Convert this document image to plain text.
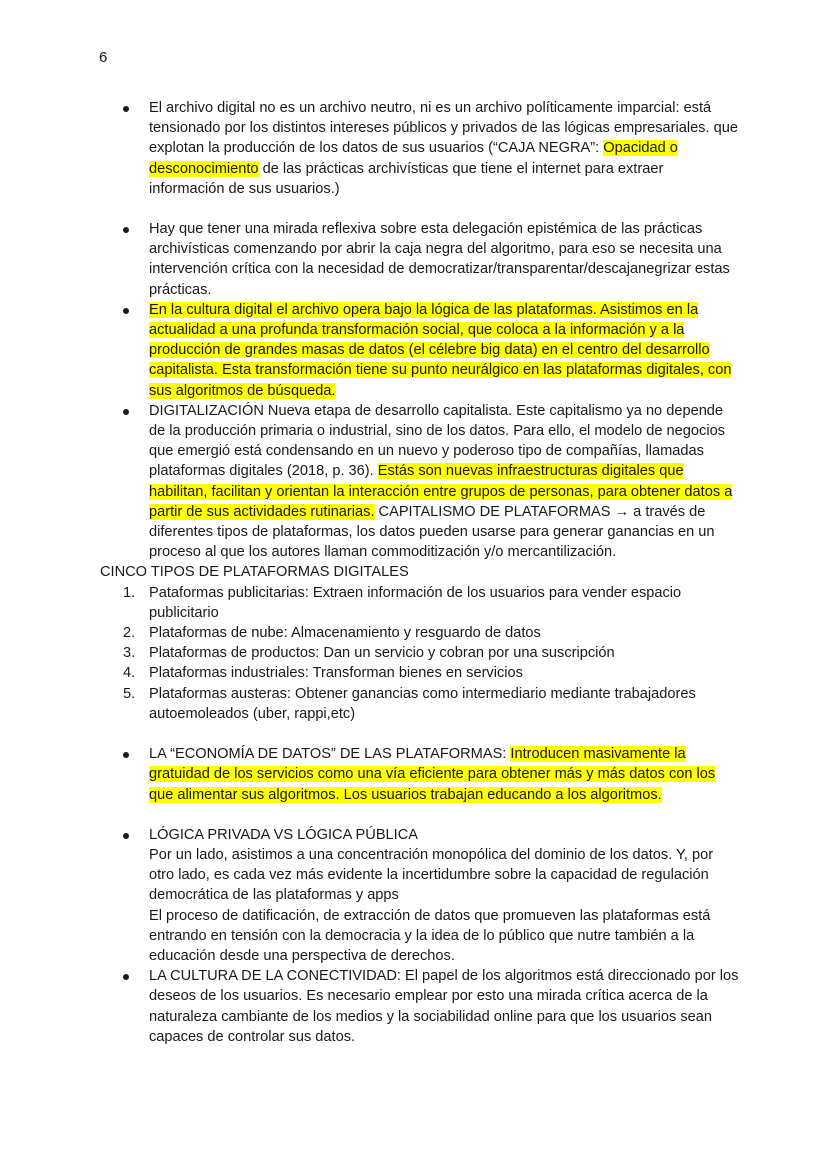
6
El archivo digital no es un archivo neutro, ni es un archivo políticamente imparcial: está tensionado por los distintos intereses públicos y privados de las lógicas empresariales. que explotan la producción de los datos de sus usuarios (“CAJA NEGRA”: Opacidad o desconocimiento de las prácticas archivísticas que tiene el internet para extraer información de sus usuarios.)
Hay que tener una mirada reflexiva sobre esta delegación epistémica de las prácticas archivísticas comenzando por abrir la caja negra del algoritmo, para eso se necesita una intervención crítica con la necesidad de democratizar/transparentar/descajanegrizar estas prácticas.
En la cultura digital el archivo opera bajo la lógica de las plataformas. Asistimos en la actualidad a una profunda transformación social, que coloca a la información y a la producción de grandes masas de datos (el célebre big data) en el centro del desarrollo capitalista. Esta transformación tiene su punto neurálgico en las plataformas digitales, con sus algoritmos de búsqueda.
DIGITALIZACIÓN Nueva etapa de desarrollo capitalista. Este capitalismo ya no depende de la producción primaria o industrial, sino de los datos. Para ello, el modelo de negocios que emergió está condensando en un nuevo y poderoso tipo de compañías, llamadas plataformas digitales (2018, p. 36). Estás son nuevas infraestructuras digitales que habilitan, facilitan y orientan la interacción entre grupos de personas, para obtener datos a partir de sus actividades rutinarias. CAPITALISMO DE PLATAFORMAS → a través de diferentes tipos de plataformas, los datos pueden usarse para generar ganancias en un proceso al que los autores llaman commoditización y/o mercantilización.
CINCO TIPOS DE PLATAFORMAS DIGITALES
1. Pataformas publicitarias: Extraen información de los usuarios para vender espacio publicitario
2. Plataformas de nube: Almacenamiento y resguardo de datos
3. Plataformas de productos: Dan un servicio y cobran por una suscripción
4. Plataformas industriales: Transforman bienes en servicios
5. Plataformas austeras: Obtener ganancias como intermediario mediante trabajadores autoemoleados (uber, rappi,etc)
LA “ECONOMÍA DE DATOS” DE LAS PLATAFORMAS: Introducen masivamente la gratuidad de los servicios como una vía eficiente para obtener más y más datos con los que alimentar sus algoritmos. Los usuarios trabajan educando a los algoritmos.
LÓGICA PRIVADA VS LÓGICA PÚBLICA
Por un lado, asistimos a una concentración monopólica del dominio de los datos. Y, por otro lado, es cada vez más evidente la incertidumbre sobre la capacidad de regulación democrática de las plataformas y apps
El proceso de datificación, de extracción de datos que promueven las plataformas está entrando en tensión con la democracia y la idea de lo público que nutre también a la educación desde una perspectiva de derechos.
LA CULTURA DE LA CONECTIVIDAD: El papel de los algoritmos está direccionado por los deseos de los usuarios. Es necesario emplear por esto una mirada crítica acerca de la naturaleza cambiante de los medios y la sociabilidad online para que los usuarios sean capaces de controlar sus datos.
